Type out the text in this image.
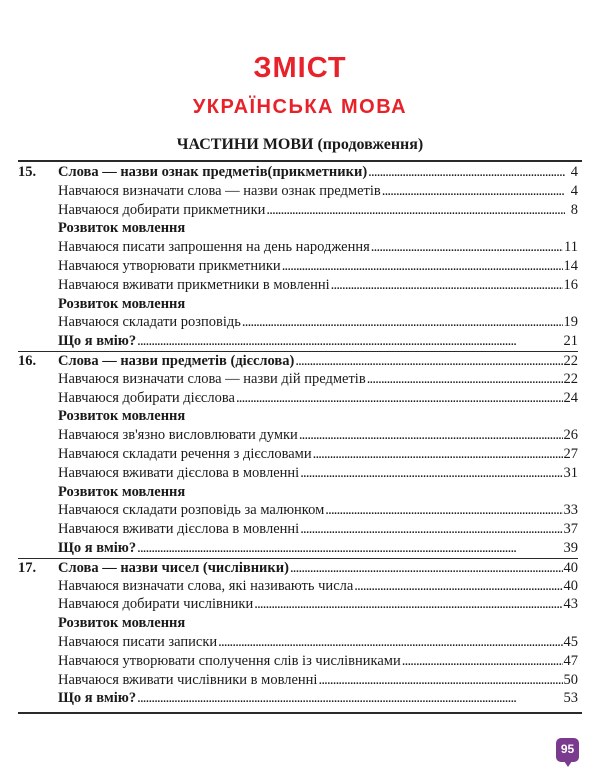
ЗМІСТ
УКРАЇНСЬКА МОВА
ЧАСТИНИ МОВИ (продовження)
15.	Слова — назви ознак предметів(прикметники) . . .	4
Навчаюся визначати слова — назви ознак предметів . . .	4
Навчаюся добирати прикметники . . .	8
Розвиток мовлення
Навчаюся писати запрошення на день народження . . .	11
Навчаюся утворювати прикметники . . .	14
Навчаюся вживати прикметники в мовленні . . .	16
Розвиток мовлення
Навчаюся складати розповідь . . .	19
Що я вмію? . . .	21
16.	Слова — назви предметів (дієслова) . . .	22
Навчаюся визначати слова — назви дій предметів . . .	22
Навчаюся добирати дієслова . . .	24
Розвиток мовлення
Навчаюся зв'язно висловлювати думки . . .	26
Навчаюся складати речення з дієсловами . . .	27
Навчаюся вживати дієслова в мовленні . . .	31
Розвиток мовлення
Навчаюся складати розповідь за малюнком . . .	33
Навчаюся вживати дієслова в мовленні . . .	37
Що я вмію? . . .	39
17.	Слова — назви чисел (числівники) . . .	40
Навчаюся визначати слова, які називають числа . . .	40
Навчаюся добирати числівники . . .	43
Розвиток мовлення
Навчаюся писати записки . . .	45
Навчаюся утворювати сполучення слів із числівниками . . .	47
Навчаюся вживати числівники в мовленні . . .	50
Що я вмію? . . .	53
95
